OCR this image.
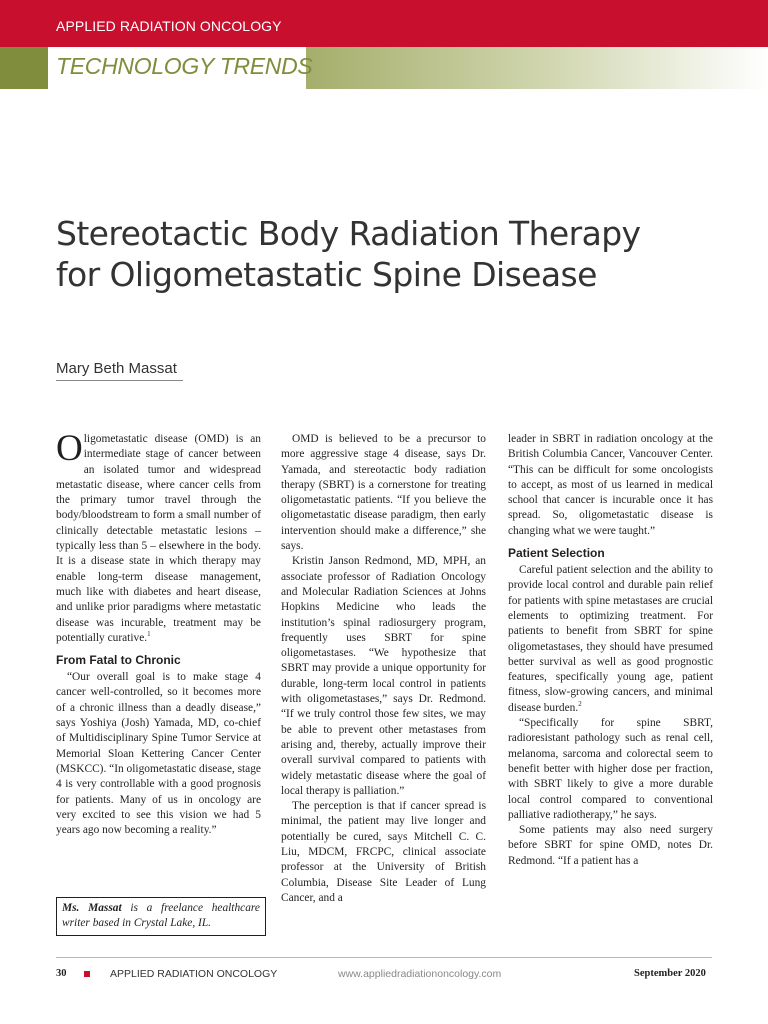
APPLIED RADIATION ONCOLOGY
TECHNOLOGY TRENDS
Stereotactic Body Radiation Therapy
for Oligometastatic Spine Disease
Mary Beth Massat

Oligometastatic disease (OMD) is an intermediate stage of cancer between an isolated tumor and widespread metastatic disease, where cancer cells from the primary tumor travel through the body/bloodstream to form a small number of clinically detectable metastatic lesions – typically less than 5 – elsewhere in the body. It is a disease state in which therapy may enable long-term disease management, much like with diabetes and heart disease, and unlike prior paradigms where metastatic disease was incurable, treatment may be potentially curative.$^1$

From Fatal to Chronic

“Our overall goal is to make stage 4 cancer well-controlled, so it becomes more of a chronic illness than a deadly disease,” says Yoshiya (Josh) Yamada, MD, co-chief of Multidisciplinary Spine Tumor Service at Memorial Sloan Kettering Cancer Center (MSKCC). “In oligometastatic disease, stage 4 is very controllable with a good prognosis for patients. Many of us in oncology are very excited to see this vision we had 5 years ago now becoming a reality.”

Ms. Massat is a freelance healthcare writer based in Crystal Lake, IL.

OMD is believed to be a precursor to more aggressive stage 4 disease, says Dr. Yamada, and stereotactic body radiation therapy (SBRT) is a cornerstone for treating oligometastatic patients. “If you believe the oligometastatic disease paradigm, then early intervention should make a difference,” she says.

Kristin Janson Redmond, MD, MPH, an associate professor of Radiation Oncology and Molecular Radiation Sciences at Johns Hopkins Medicine who leads the institution’s spinal radiosurgery program, frequently uses SBRT for spine oligometastases. “We hypothesize that SBRT may provide a unique opportunity for durable, long-term local control in patients with oligometastases,” says Dr. Redmond. “If we truly control those few sites, we may be able to prevent other metastases from arising and, thereby, actually improve their overall survival compared to patients with widely metastatic disease where the goal of local therapy is palliation.”

The perception is that if cancer spread is minimal, the patient may live longer and potentially be cured, says Mitchell C. C. Liu, MDCM, FRCPC, clinical associate professor at the University of British Columbia, Disease Site Leader of Lung Cancer, and a

leader in SBRT in radiation oncology at the British Columbia Cancer, Vancouver Center. “This can be difficult for some oncologists to accept, as most of us learned in medical school that cancer is incurable once it has spread. So, oligometastatic disease is changing what we were taught.”

Patient Selection

Careful patient selection and the ability to provide local control and durable pain relief for patients with spine metastases are crucial elements to optimizing treatment. For patients to benefit from SBRT for spine oligometastases, they should have presumed better survival as well as good prognostic features, specifically young age, patient fitness, slow-growing cancers, and minimal disease burden.$^2$

“Specifically for spine SBRT, radioresistant pathology such as renal cell, melanoma, sarcoma and colorectal seem to benefit better with higher dose per fraction, with SBRT likely to give a more durable local control compared to conventional palliative radiotherapy,” he says.

Some patients may also need surgery before SBRT for spine OMD, notes Dr. Redmond. “If a patient has a

30	APPLIED RADIATION ONCOLOGY	www.appliedradiationoncology.com	September 2020
